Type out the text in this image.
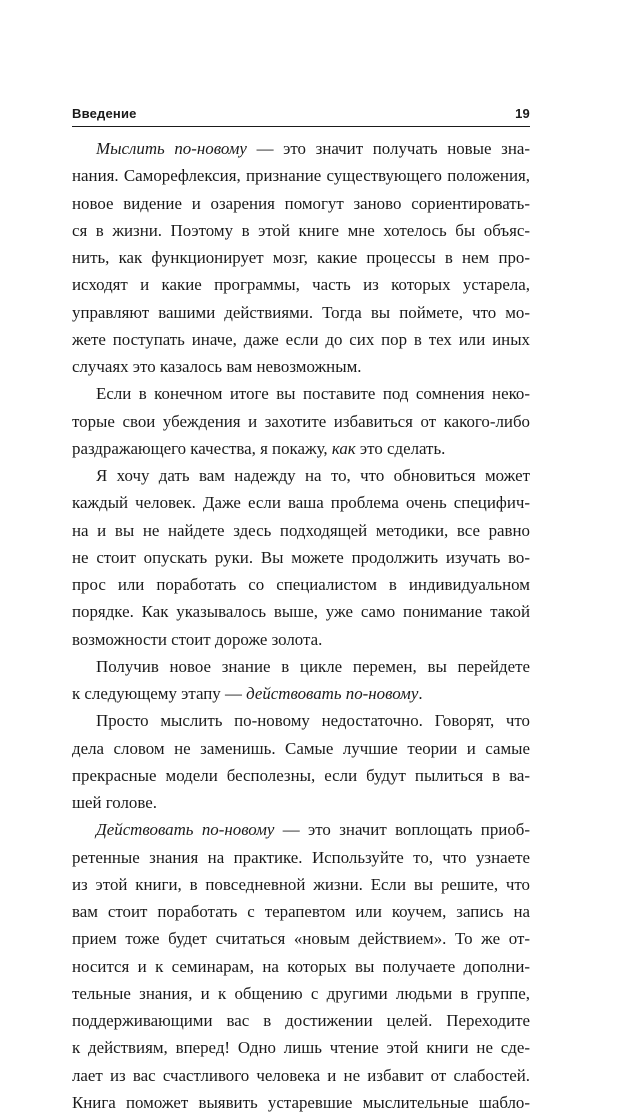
Введение	19

Мыслить по-новому — это значит получать новые зна-
нания. Саморефлексия, признание существующего положения,
новое видение и озарения помогут заново сориентировать-
ся в жизни. Поэтому в этой книге мне хотелось бы объяс-
нить, как функционирует мозг, какие процессы в нем про-
исходят и какие программы, часть из которых устарела,
управляют вашими действиями. Тогда вы поймете, что мо-
жете поступать иначе, даже если до сих пор в тех или иных
случаях это казалось вам невозможным.

Если в конечном итоге вы поставите под сомнения неко-
торые свои убеждения и захотите избавиться от какого-либо
раздражающего качества, я покажу, как это сделать.

Я хочу дать вам надежду на то, что обновиться может
каждый человек. Даже если ваша проблема очень специфич-
на и вы не найдете здесь подходящей методики, все равно
не стоит опускать руки. Вы можете продолжить изучать во-
прос или поработать со специалистом в индивидуальном
порядке. Как указывалось выше, уже само понимание такой
возможности стоит дороже золота.

Получив новое знание в цикле перемен, вы перейдете
к следующему этапу — действовать по-новому.

Просто мыслить по-новому недостаточно. Говорят, что
дела словом не заменишь. Самые лучшие теории и самые
прекрасные модели бесполезны, если будут пылиться в ва-
шей голове.

Действовать по-новому — это значит воплощать приоб-
ретенные знания на практике. Используйте то, что узнаете
из этой книги, в повседневной жизни. Если вы решите, что
вам стоит поработать с терапевтом или коучем, запись на
прием тоже будет считаться «новым действием». То же от-
носится и к семинарам, на которых вы получаете дополни-
тельные знания, и к общению с другими людьми в группе,
поддерживающими вас в достижении целей. Переходите
к действиям, вперед! Одно лишь чтение этой книги не сде-
лает из вас счастливого человека и не избавит от слабостей.
Книга поможет выявить устаревшие мыслительные шабло-
